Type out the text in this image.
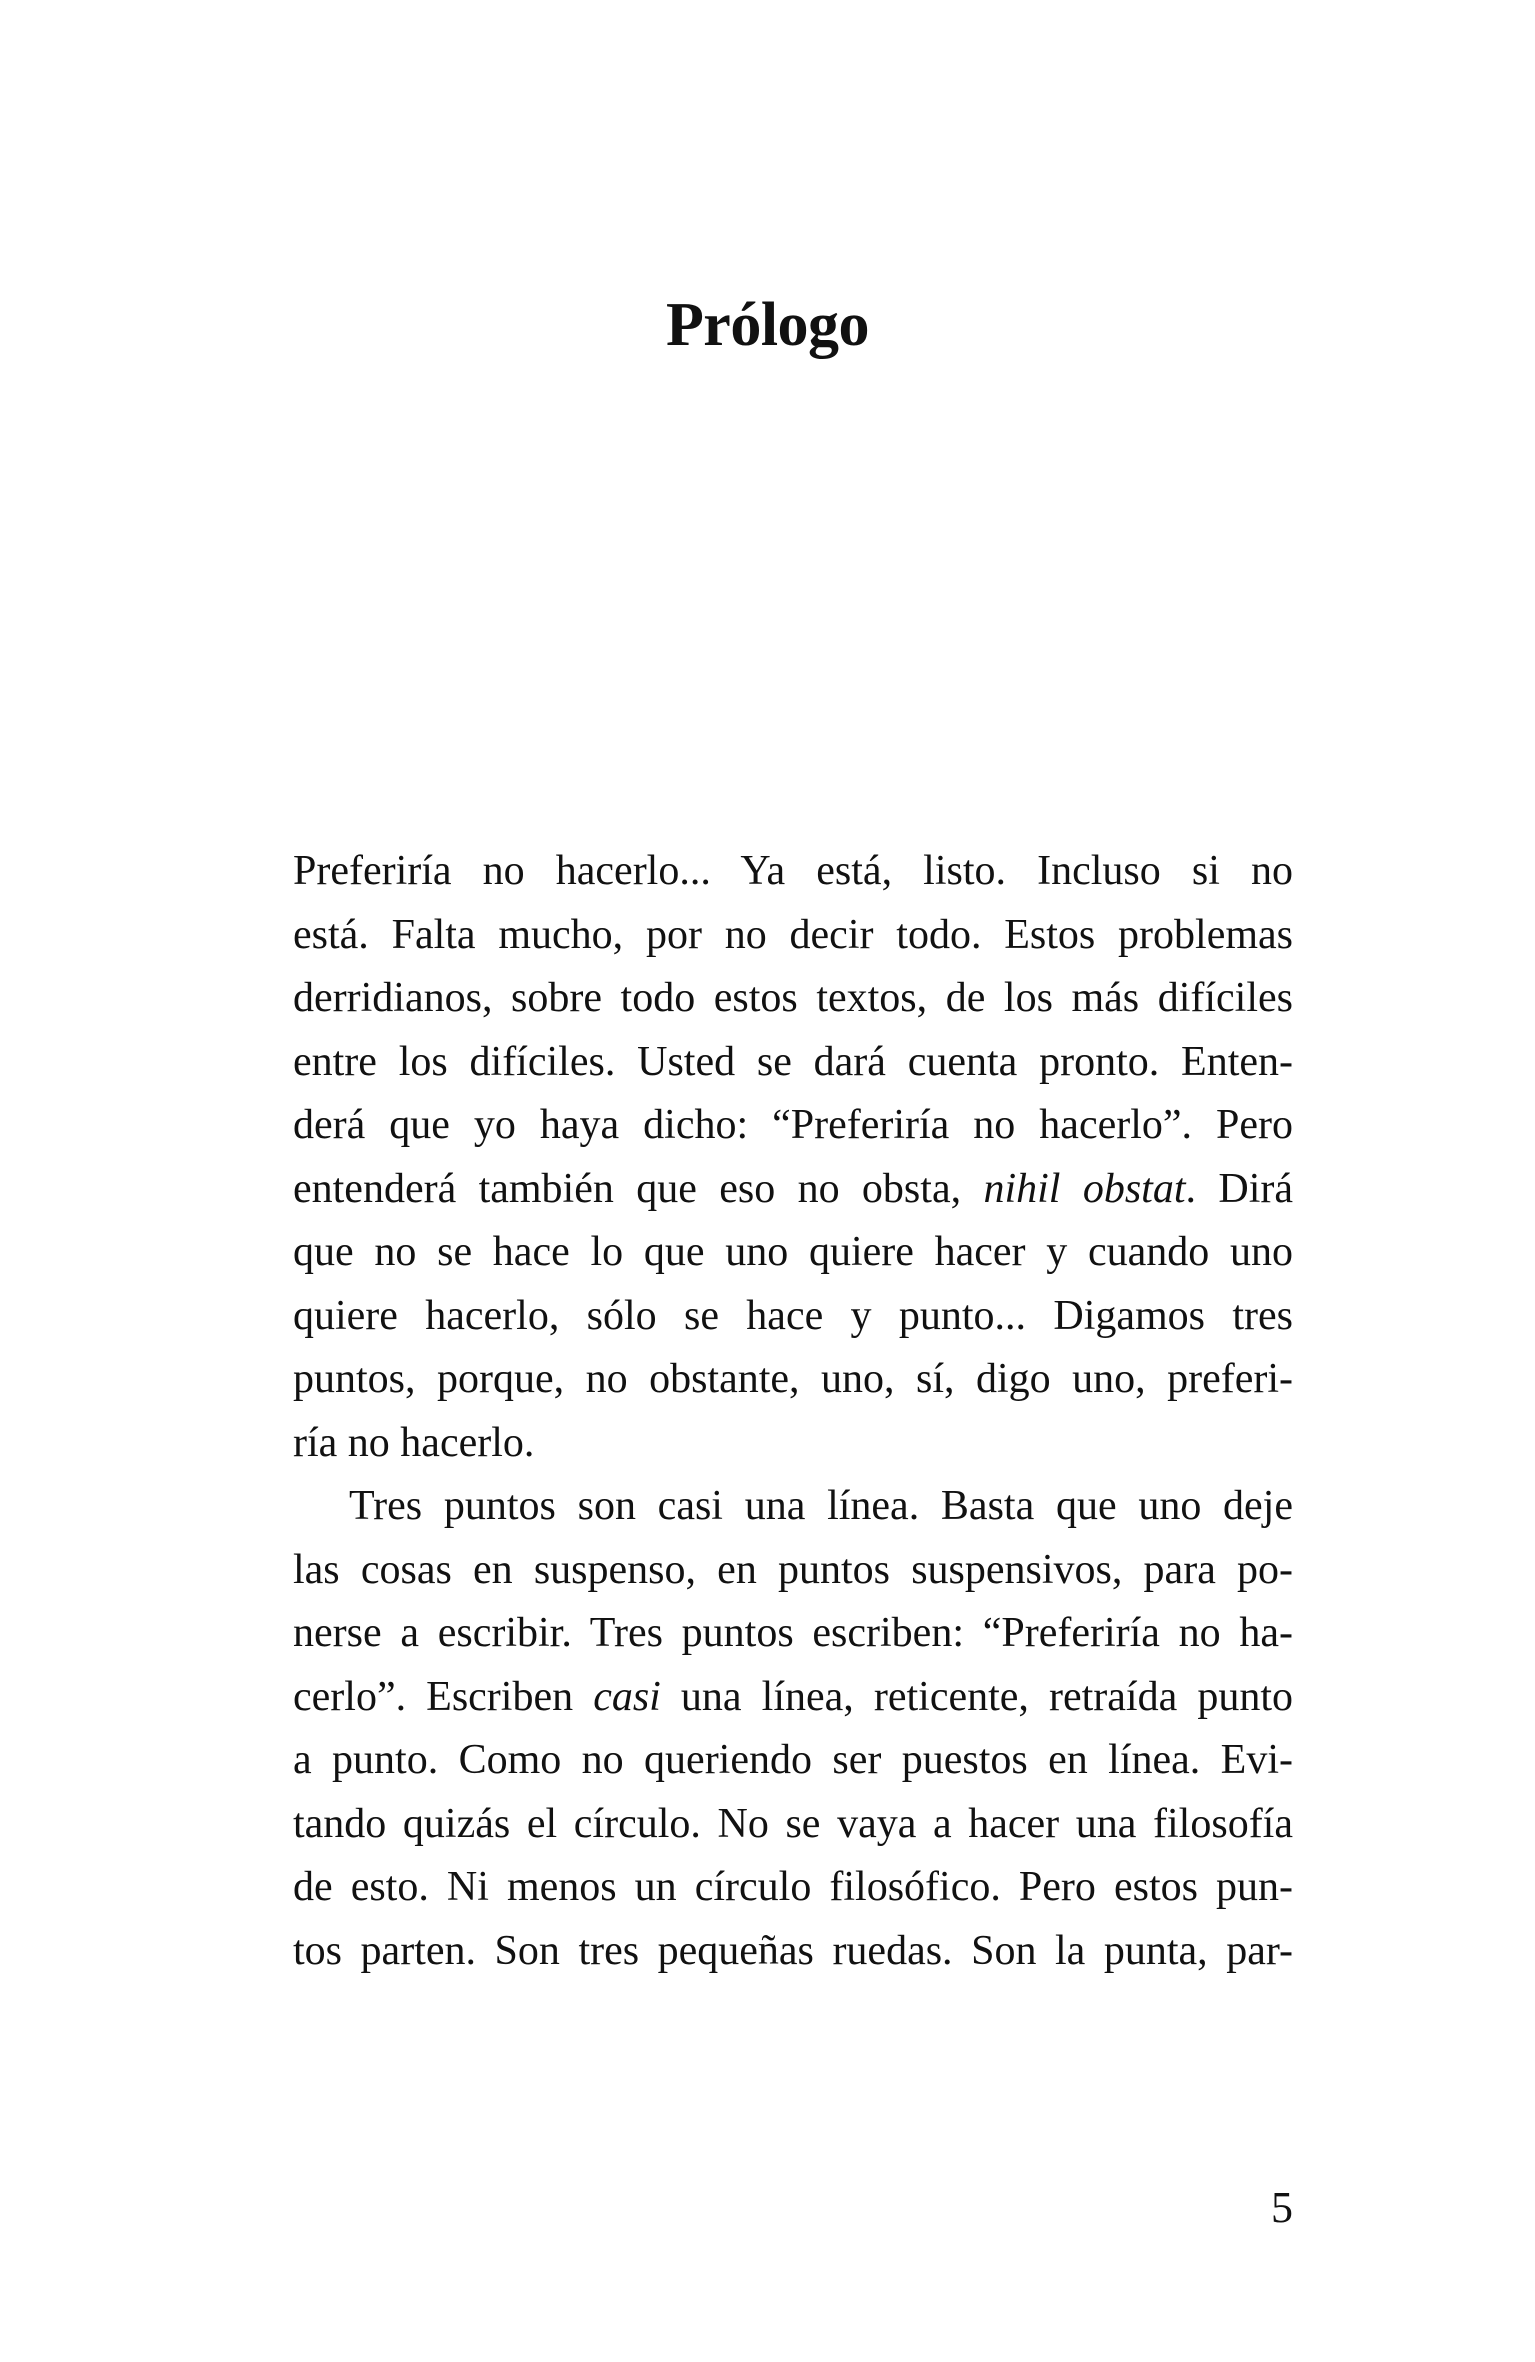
Prólogo
Preferiría no hacerlo... Ya está, listo. Incluso si no
está. Falta mucho, por no decir todo. Estos problemas
derridianos, sobre todo estos textos, de los más difíciles
entre los difíciles. Usted se dará cuenta pronto. Enten-
derá que yo haya dicho: “Preferiría no hacerlo”. Pero
entenderá también que eso no obsta, nihil obstat. Dirá
que no se hace lo que uno quiere hacer y cuando uno
quiere hacerlo, sólo se hace y punto... Digamos tres
puntos, porque, no obstante, uno, sí, digo uno, preferi-
ría no hacerlo.
Tres puntos son casi una línea. Basta que uno deje
las cosas en suspenso, en puntos suspensivos, para po-
nerse a escribir. Tres puntos escriben: “Preferiría no ha-
cerlo”. Escriben casi una línea, reticente, retraída punto
a punto. Como no queriendo ser puestos en línea. Evi-
tando quizás el círculo. No se vaya a hacer una filosofía
de esto. Ni menos un círculo filosófico. Pero estos pun-
tos parten. Son tres pequeñas ruedas. Son la punta, par-
5
